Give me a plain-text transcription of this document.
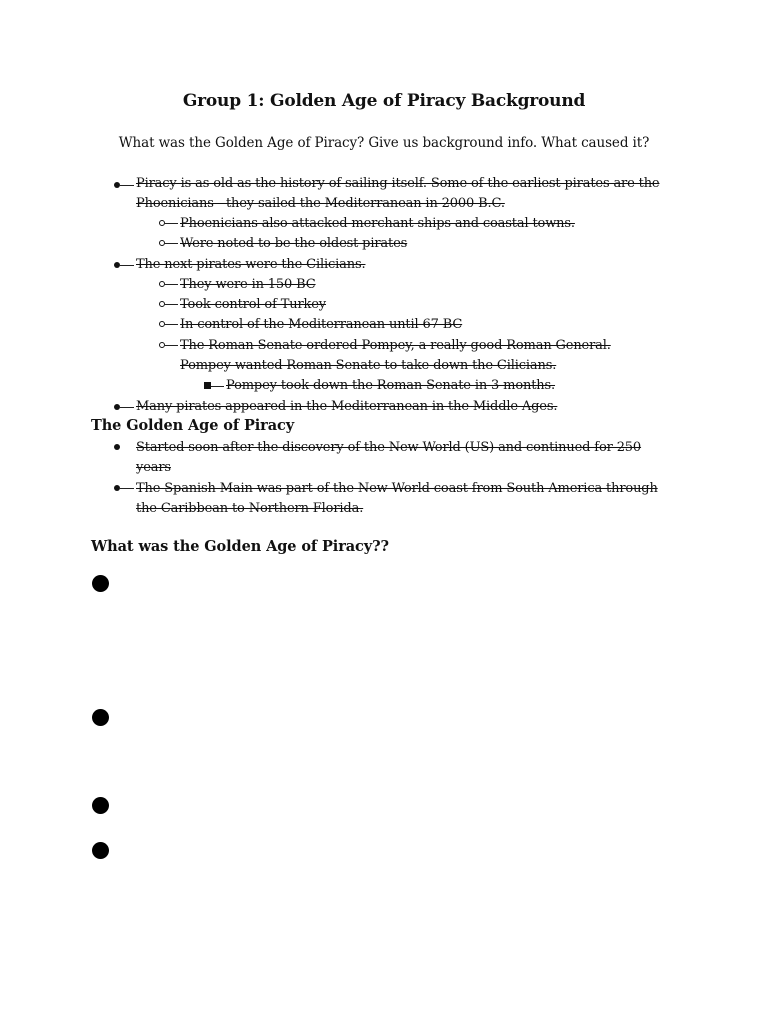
Group 1: Golden Age of Piracy Background
What was the Golden Age of Piracy? Give us background info. What caused it?
Piracy is as old as the history of sailing itself. Some of the earliest pirates are the
Phoenicians - they sailed the Mediterranean in 2000 B.C.
Phoenicians also attacked merchant ships and coastal towns.
Were noted to be the oldest pirates
The next pirates were the Cilicians.
They were in 150 BC
Took control of Turkey
In control of the Mediterranean until 67 BC
The Roman Senate ordered Pompey, a really good Roman General.
Pompey wanted Roman Senate to take down the Cilicians.
Pompey took down the Roman Senate in 3 months.
Many pirates appeared in the Mediterranean in the Middle Ages.
The Golden Age of Piracy
Started soon after the discovery of the New World (US) and continued for 250
years
The Spanish Main was part of the New World coast from South America through
the Caribbean to Northern Florida.
What was the Golden Age of Piracy??
